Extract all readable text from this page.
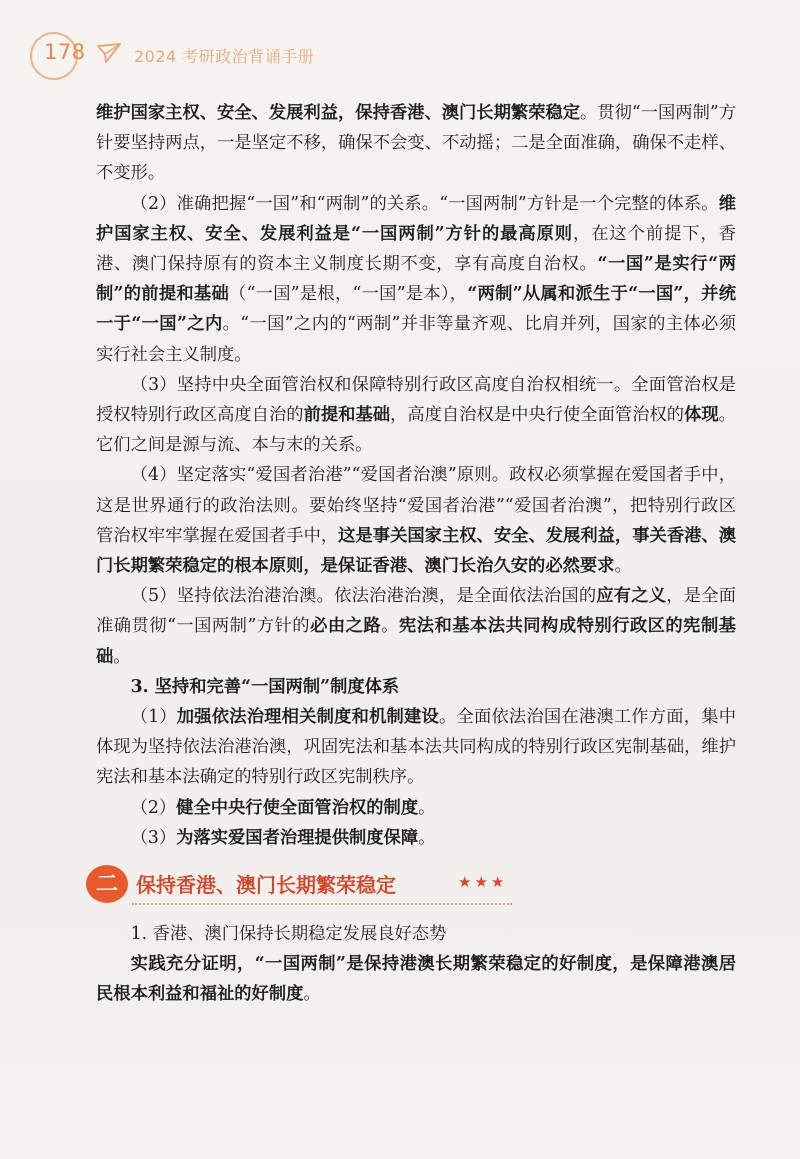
178	2024 考研政治背诵手册

维护国家主权、安全、发展利益，保持香港、澳门长期繁荣稳定。贯彻“一国两制”方针要坚持两点，一是坚定不移，确保不会变、不动摇；二是全面准确，确保不走样、不变形。

（2）准确把握“一国”和“两制”的关系。“一国两制”方针是一个完整的体系。维护国家主权、安全、发展利益是“一国两制”方针的最高原则，在这个前提下，香港、澳门保持原有的资本主义制度长期不变，享有高度自治权。“一国”是实行“两制”的前提和基础（“一国”是根，“一国”是本），“两制”从属和派生于“一国”，并统一于“一国”之内。“一国”之内的“两制”并非等量齐观、比肩并列，国家的主体必须实行社会主义制度。

（3）坚持中央全面管治权和保障特别行政区高度自治权相统一。全面管治权是授权特别行政区高度自治的前提和基础，高度自治权是中央行使全面管治权的体现。它们之间是源与流、本与末的关系。

（4）坚定落实“爱国者治港”“爱国者治澳”原则。政权必须掌握在爱国者手中，这是世界通行的政治法则。要始终坚持“爱国者治港”“爱国者治澳”，把特别行政区管治权牢牢掌握在爱国者手中，这是事关国家主权、安全、发展利益，事关香港、澳门长期繁荣稳定的根本原则，是保证香港、澳门长治久安的必然要求。

（5）坚持依法治港治澳。依法治港治澳，是全面依法治国的应有之义，是全面准确贯彻“一国两制”方针的必由之路。宪法和基本法共同构成特别行政区的宪制基础。

3. 坚持和完善“一国两制”制度体系

（1）加强依法治理相关制度和机制建设。全面依法治国在港澳工作方面，集中体现为坚持依法治港治澳，巩固宪法和基本法共同构成的特别行政区宪制基础，维护宪法和基本法确定的特别行政区宪制秩序。

（2）健全中央行使全面管治权的制度。

（3）为落实爱国者治理提供制度保障。

二 保持香港、澳门长期繁荣稳定	★★★

1. 香港、澳门保持长期稳定发展良好态势

实践充分证明，“一国两制”是保持港澳长期繁荣稳定的好制度，是保障港澳居民根本利益和福祉的好制度。
